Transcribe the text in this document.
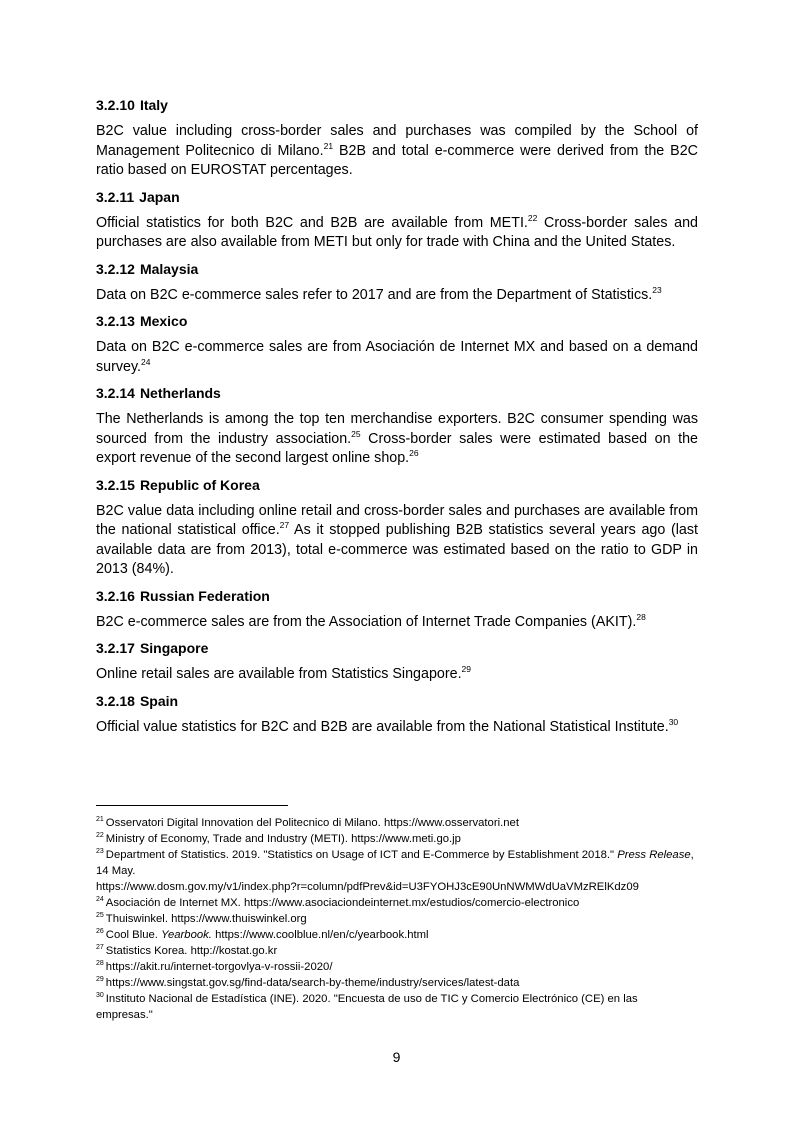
3.2.10 Italy
B2C value including cross-border sales and purchases was compiled by the School of Management Politecnico di Milano.$^{21}$ B2B and total e-commerce were derived from the B2C ratio based on EUROSTAT percentages.
3.2.11 Japan
Official statistics for both B2C and B2B are available from METI.$^{22}$ Cross-border sales and purchases are also available from METI but only for trade with China and the United States.
3.2.12 Malaysia
Data on B2C e-commerce sales refer to 2017 and are from the Department of Statistics.$^{23}$
3.2.13 Mexico
Data on B2C e-commerce sales are from Asociación de Internet MX and based on a demand survey.$^{24}$
3.2.14 Netherlands
The Netherlands is among the top ten merchandise exporters. B2C consumer spending was sourced from the industry association.$^{25}$ Cross-border sales were estimated based on the export revenue of the second largest online shop.$^{26}$
3.2.15 Republic of Korea
B2C value data including online retail and cross-border sales and purchases are available from the national statistical office.$^{27}$ As it stopped publishing B2B statistics several years ago (last available data are from 2013), total e-commerce was estimated based on the ratio to GDP in 2013 (84%).
3.2.16 Russian Federation
B2C e-commerce sales are from the Association of Internet Trade Companies (AKIT).$^{28}$
3.2.17 Singapore
Online retail sales are available from Statistics Singapore.$^{29}$
3.2.18 Spain
Official value statistics for B2C and B2B are available from the National Statistical Institute.$^{30}$

$^{21}$ Osservatori Digital Innovation del Politecnico di Milano. https://www.osservatori.net

$^{22}$ Ministry of Economy, Trade and Industry (METI). https://www.meti.go.jp

$^{23}$ Department of Statistics. 2019. "Statistics on Usage of ICT and E-Commerce by Establishment 2018." Press Release, 14 May.
https://www.dosm.gov.my/v1/index.php?r=column/pdfPrev&id=U3FYOHJ3cE90UnNWMWdUaVMzRElKdz09

$^{24}$ Asociación de Internet MX. https://www.asociaciondeinternet.mx/estudios/comercio-electronico

$^{25}$ Thuiswinkel. https://www.thuiswinkel.org

$^{26}$ Cool Blue. Yearbook. https://www.coolblue.nl/en/c/yearbook.html

$^{27}$ Statistics Korea. http://kostat.go.kr

$^{28}$ https://akit.ru/internet-torgovlya-v-rossii-2020/

$^{29}$ https://www.singstat.gov.sg/find-data/search-by-theme/industry/services/latest-data

$^{30}$ Instituto Nacional de Estadística (INE). 2020. "Encuesta de uso de TIC y Comercio Electrónico (CE) en las empresas."

9
